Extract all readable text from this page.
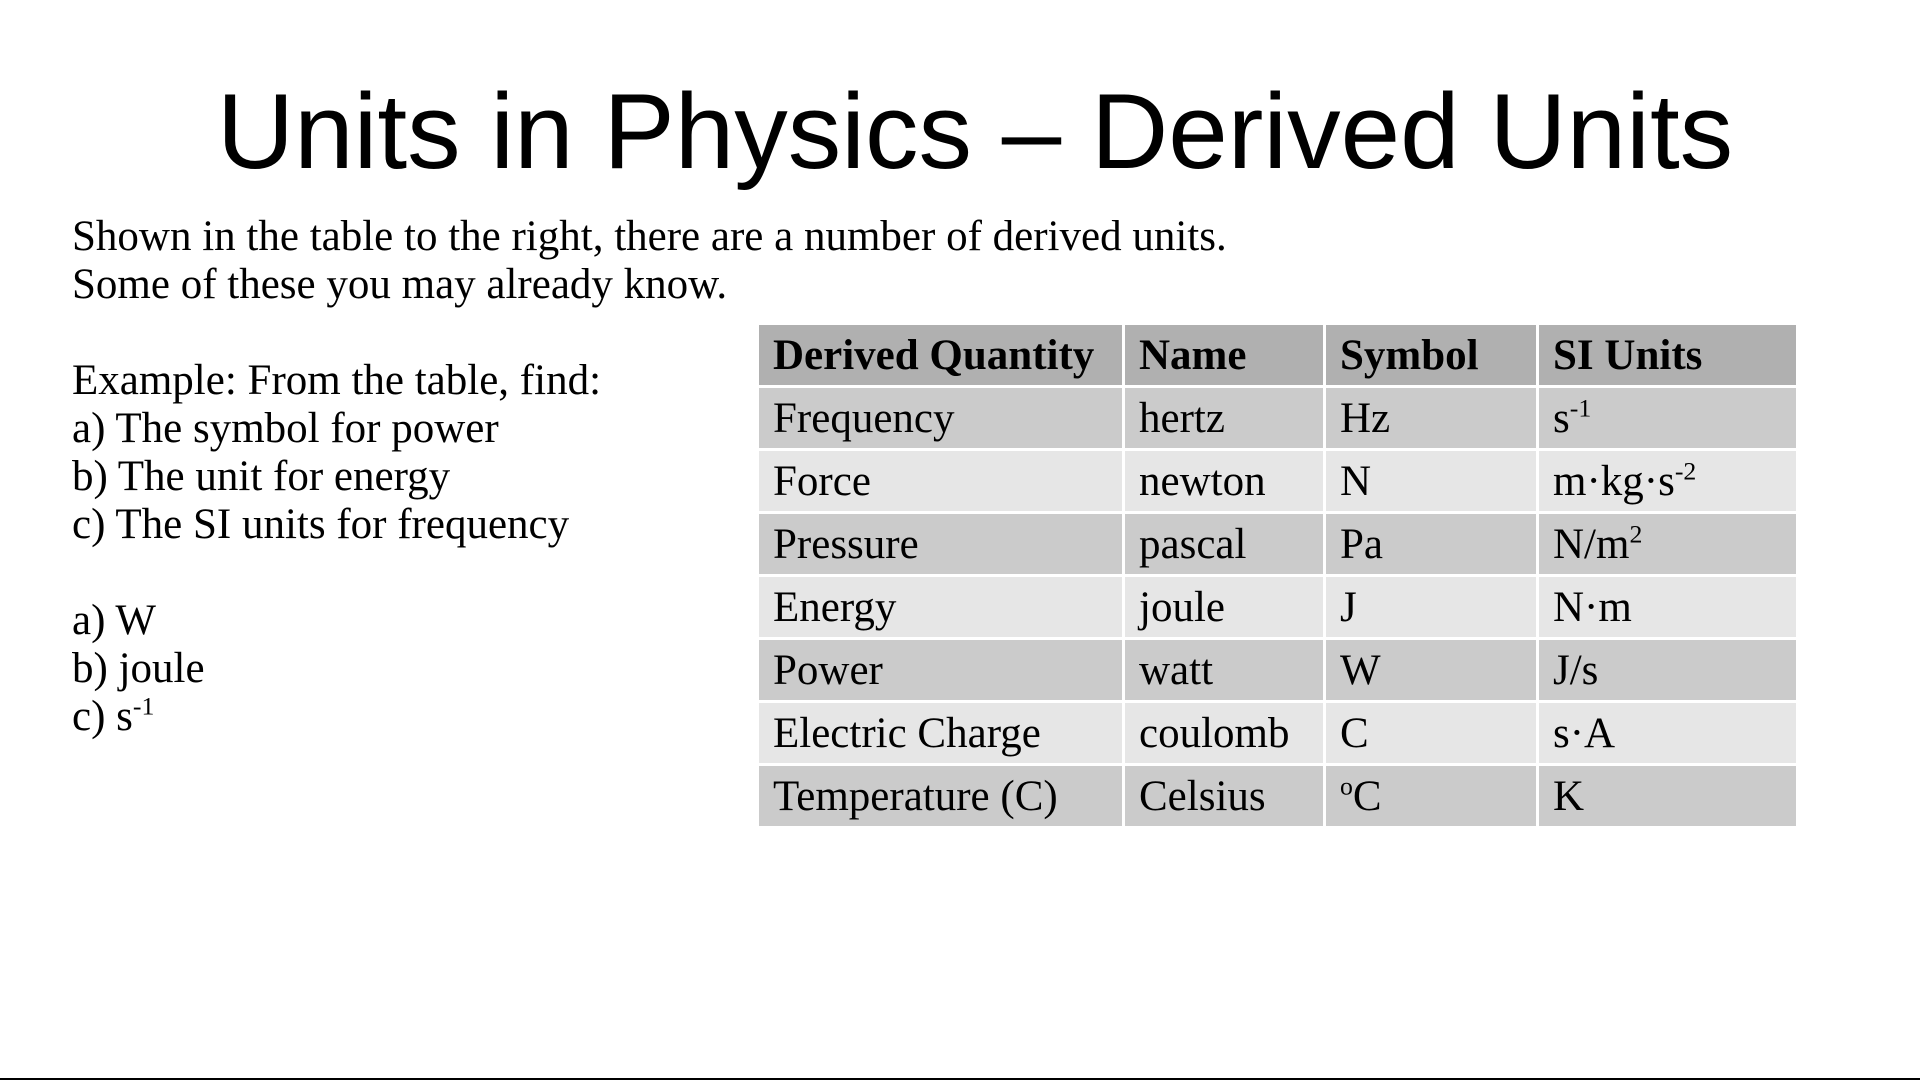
Units in Physics – Derived Units
Shown in the table to the right, there are a number of derived units.
Some of these you may already know.
Example: From the table, find:
a) The symbol for power
b) The unit for energy
c) The SI units for frequency
a) W
b) joule
c) $s^{-1}$
Derived Quantity	Name	Symbol	SI Units
Frequency	hertz	Hz	$s^{-1}$
Force	newton	N	$m\cdot kg\cdot s^{-2}$
Pressure	pascal	Pa	$N/m^2$
Energy	joule	J	N·m
Power	watt	W	J/s
Electric Charge	coulomb	C	s·A
Temperature (C)	Celsius	$^o$C	K
